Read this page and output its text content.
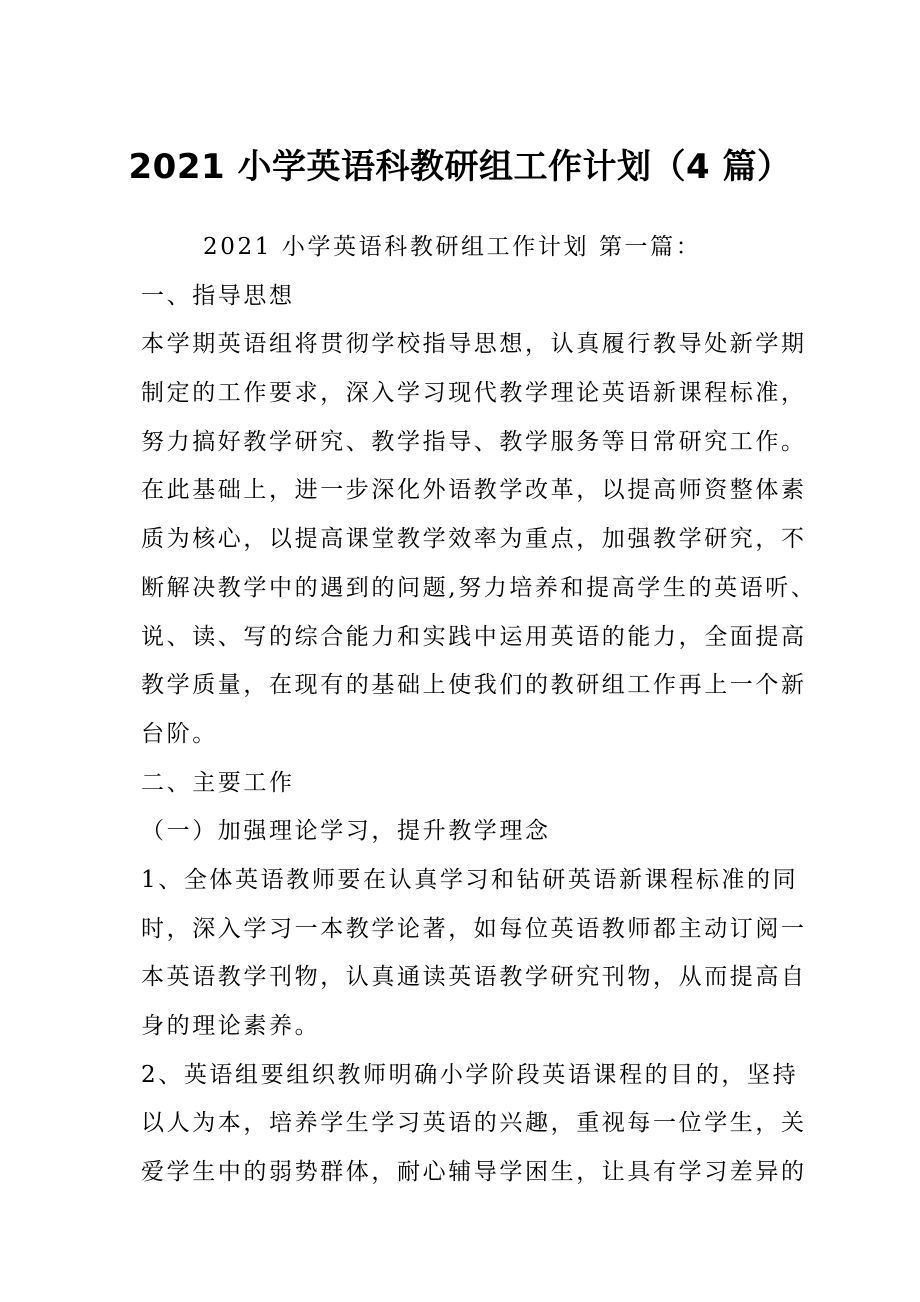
2021 小学英语科教研组工作计划（4 篇）
2021 小学英语科教研组工作计划 第一篇：
一、指导思想
本学期英语组将贯彻学校指导思想，认真履行教导处新学期
制定的工作要求，深入学习现代教学理论英语新课程标准，
努力搞好教学研究、教学指导、教学服务等日常研究工作。
在此基础上，进一步深化外语教学改革，以提高师资整体素
质为核心，以提高课堂教学效率为重点，加强教学研究，不
断解决教学中的遇到的问题,努力培养和提高学生的英语听、
说、读、写的综合能力和实践中运用英语的能力，全面提高
教学质量，在现有的基础上使我们的教研组工作再上一个新
台阶。
二、主要工作
（一）加强理论学习，提升教学理念
1、全体英语教师要在认真学习和钻研英语新课程标准的同
时，深入学习一本教学论著，如每位英语教师都主动订阅一
本英语教学刊物，认真通读英语教学研究刊物，从而提高自
身的理论素养。
2、英语组要组织教师明确小学阶段英语课程的目的，坚持
以人为本，培养学生学习英语的兴趣，重视每一位学生，关
爱学生中的弱势群体，耐心辅导学困生，让具有学习差异的
